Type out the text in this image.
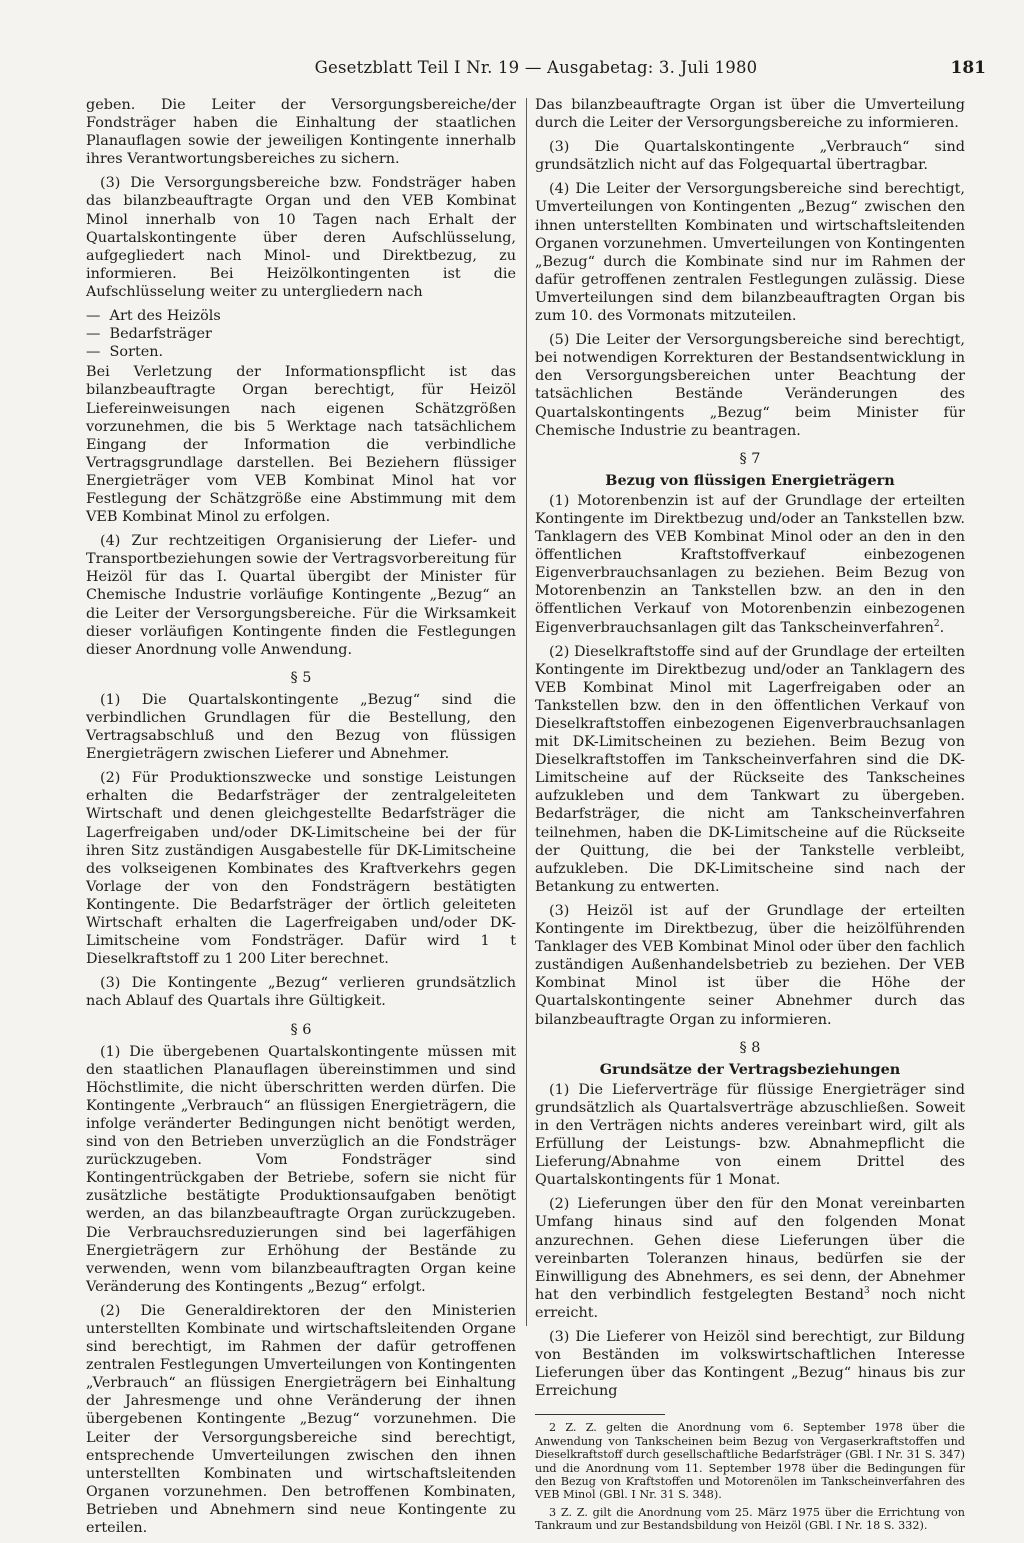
Gesetzblatt Teil I Nr. 19 — Ausgabetag: 3. Juli 1980	181

geben. Die Leiter der Versorgungsbereiche/der Fondsträger haben die Einhaltung der staatlichen Planauflagen sowie der jeweiligen Kontingente innerhalb ihres Verantwortungsbereiches zu sichern.

(3) Die Versorgungsbereiche bzw. Fondsträger haben das bilanzbeauftragte Organ und den VEB Kombinat Minol innerhalb von 10 Tagen nach Erhalt der Quartalskontingente über deren Aufschlüsselung, aufgegliedert nach Minol- und Direktbezug, zu informieren. Bei Heizölkontingenten ist die Aufschlüsselung weiter zu untergliedern nach

—  Art des Heizöls
—  Bedarfsträger
—  Sorten.

Bei Verletzung der Informationspflicht ist das bilanzbeauftragte Organ berechtigt, für Heizöl Liefereinweisungen nach eigenen Schätzgrößen vorzunehmen, die bis 5 Werktage nach tatsächlichem Eingang der Information die verbindliche Vertragsgrundlage darstellen. Bei Beziehern flüssiger Energieträger vom VEB Kombinat Minol hat vor Festlegung der Schätzgröße eine Abstimmung mit dem VEB Kombinat Minol zu erfolgen.

(4) Zur rechtzeitigen Organisierung der Liefer- und Transportbeziehungen sowie der Vertragsvorbereitung für Heizöl für das I. Quartal übergibt der Minister für Chemische Industrie vorläufige Kontingente „Bezug“ an die Leiter der Versorgungsbereiche. Für die Wirksamkeit dieser vorläufigen Kontingente finden die Festlegungen dieser Anordnung volle Anwendung.

§ 5

(1) Die Quartalskontingente „Bezug“ sind die verbindlichen Grundlagen für die Bestellung, den Vertragsabschluß und den Bezug von flüssigen Energieträgern zwischen Lieferer und Abnehmer.

(2) Für Produktionszwecke und sonstige Leistungen erhalten die Bedarfsträger der zentralgeleiteten Wirtschaft und denen gleichgestellte Bedarfsträger die Lagerfreigaben und/oder DK-Limitscheine bei der für ihren Sitz zuständigen Ausgabestelle für DK-Limitscheine des volkseigenen Kombinates des Kraftverkehrs gegen Vorlage der von den Fondsträgern bestätigten Kontingente. Die Bedarfsträger der örtlich geleiteten Wirtschaft erhalten die Lagerfreigaben und/oder DK-Limitscheine vom Fondsträger. Dafür wird 1 t Dieselkraftstoff zu 1 200 Liter berechnet.

(3) Die Kontingente „Bezug“ verlieren grundsätzlich nach Ablauf des Quartals ihre Gültigkeit.

§ 6

(1) Die übergebenen Quartalskontingente müssen mit den staatlichen Planauflagen übereinstimmen und sind Höchstlimite, die nicht überschritten werden dürfen. Die Kontingente „Verbrauch“ an flüssigen Energieträgern, die infolge veränderter Bedingungen nicht benötigt werden, sind von den Betrieben unverzüglich an die Fondsträger zurückzugeben. Vom Fondsträger sind Kontingentrückgaben der Betriebe, sofern sie nicht für zusätzliche bestätigte Produktionsaufgaben benötigt werden, an das bilanzbeauftragte Organ zurückzugeben. Die Verbrauchsreduzierungen sind bei lagerfähigen Energieträgern zur Erhöhung der Bestände zu verwenden, wenn vom bilanzbeauftragten Organ keine Veränderung des Kontingents „Bezug“ erfolgt.

(2) Die Generaldirektoren der den Ministerien unterstellten Kombinate und wirtschaftsleitenden Organe sind berechtigt, im Rahmen der dafür getroffenen zentralen Festlegungen Umverteilungen von Kontingenten „Verbrauch“ an flüssigen Energieträgern bei Einhaltung der Jahresmenge und ohne Veränderung der ihnen übergebenen Kontingente „Bezug“ vorzunehmen. Die Leiter der Versorgungsbereiche sind berechtigt, entsprechende Umverteilungen zwischen den ihnen unterstellten Kombinaten und wirtschaftsleitenden Organen vorzunehmen. Den betroffenen Kombinaten, Betrieben und Abnehmern sind neue Kontingente zu erteilen.

Das bilanzbeauftragte Organ ist über die Umverteilung durch die Leiter der Versorgungsbereiche zu informieren.

(3) Die Quartalskontingente „Verbrauch“ sind grundsätzlich nicht auf das Folgequartal übertragbar.

(4) Die Leiter der Versorgungsbereiche sind berechtigt, Umverteilungen von Kontingenten „Bezug“ zwischen den ihnen unterstellten Kombinaten und wirtschaftsleitenden Organen vorzunehmen. Umverteilungen von Kontingenten „Bezug“ durch die Kombinate sind nur im Rahmen der dafür getroffenen zentralen Festlegungen zulässig. Diese Umverteilungen sind dem bilanzbeauftragten Organ bis zum 10. des Vormonats mitzuteilen.

(5) Die Leiter der Versorgungsbereiche sind berechtigt, bei notwendigen Korrekturen der Bestandsentwicklung in den Versorgungsbereichen unter Beachtung der tatsächlichen Bestände Veränderungen des Quartalskontingents „Bezug“ beim Minister für Chemische Industrie zu beantragen.

§ 7
Bezug von flüssigen Energieträgern

(1) Motorenbenzin ist auf der Grundlage der erteilten Kontingente im Direktbezug und/oder an Tankstellen bzw. Tanklagern des VEB Kombinat Minol oder an den in den öffentlichen Kraftstoffverkauf einbezogenen Eigenverbrauchsanlagen zu beziehen. Beim Bezug von Motorenbenzin an Tankstellen bzw. an den in den öffentlichen Verkauf von Motorenbenzin einbezogenen Eigenverbrauchsanlagen gilt das Tankscheinverfahren$^2$.

(2) Dieselkraftstoffe sind auf der Grundlage der erteilten Kontingente im Direktbezug und/oder an Tanklagern des VEB Kombinat Minol mit Lagerfreigaben oder an Tankstellen bzw. den in den öffentlichen Verkauf von Dieselkraftstoffen einbezogenen Eigenverbrauchsanlagen mit DK-Limitscheinen zu beziehen. Beim Bezug von Dieselkraftstoffen im Tankscheinverfahren sind die DK-Limitscheine auf der Rückseite des Tankscheines aufzukleben und dem Tankwart zu übergeben. Bedarfsträger, die nicht am Tankscheinverfahren teilnehmen, haben die DK-Limitscheine auf die Rückseite der Quittung, die bei der Tankstelle verbleibt, aufzukleben. Die DK-Limitscheine sind nach der Betankung zu entwerten.

(3) Heizöl ist auf der Grundlage der erteilten Kontingente im Direktbezug, über die heizölführenden Tanklager des VEB Kombinat Minol oder über den fachlich zuständigen Außenhandelsbetrieb zu beziehen. Der VEB Kombinat Minol ist über die Höhe der Quartalskontingente seiner Abnehmer durch das bilanzbeauftragte Organ zu informieren.

§ 8
Grundsätze der Vertragsbeziehungen

(1) Die Lieferverträge für flüssige Energieträger sind grundsätzlich als Quartalsverträge abzuschließen. Soweit in den Verträgen nichts anderes vereinbart wird, gilt als Erfüllung der Leistungs- bzw. Abnahmepflicht die Lieferung/Abnahme von einem Drittel des Quartalskontingents für 1 Monat.

(2) Lieferungen über den für den Monat vereinbarten Umfang hinaus sind auf den folgenden Monat anzurechnen. Gehen diese Lieferungen über die vereinbarten Toleranzen hinaus, bedürfen sie der Einwilligung des Abnehmers, es sei denn, der Abnehmer hat den verbindlich festgelegten Bestand$^3$ noch nicht erreicht.

(3) Die Lieferer von Heizöl sind berechtigt, zur Bildung von Beständen im volkswirtschaftlichen Interesse Lieferungen über das Kontingent „Bezug“ hinaus bis zur Erreichung

2 Z. Z. gelten die Anordnung vom 6. September 1978 über die Anwendung von Tankscheinen beim Bezug von Vergaserkraftstoffen und Dieselkraftstoff durch gesellschaftliche Bedarfsträger (GBl. I Nr. 31 S. 347) und die Anordnung vom 11. September 1978 über die Bedingungen für den Bezug von Kraftstoffen und Motorenölen im Tankscheinverfahren des VEB Minol (GBl. I Nr. 31 S. 348).

3 Z. Z. gilt die Anordnung vom 25. März 1975 über die Errichtung von Tankraum und zur Bestandsbildung von Heizöl (GBl. I Nr. 18 S. 332).
